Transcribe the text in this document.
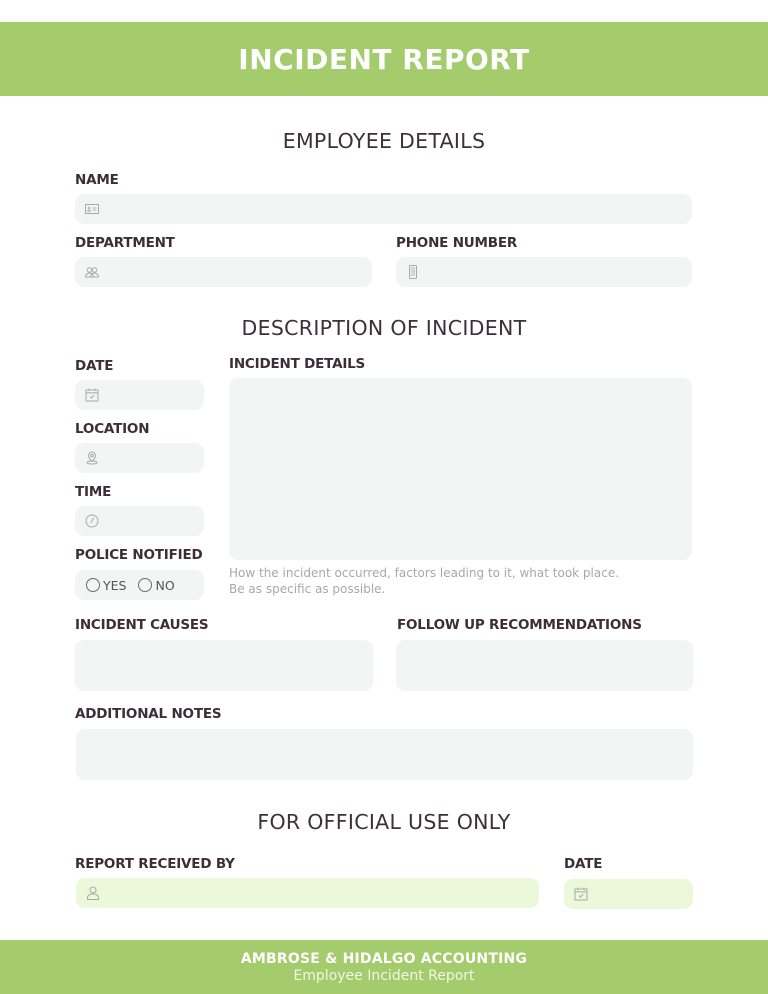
INCIDENT REPORT
EMPLOYEE DETAILS
NAME
DEPARTMENT	PHONE NUMBER
DESCRIPTION OF INCIDENT
DATE
LOCATION
TIME
POLICE NOTIFIED
YES NO
INCIDENT DETAILS
How the incident occurred, factors leading to it, what took place.
Be as specific as possible.
INCIDENT CAUSES	FOLLOW UP RECOMMENDATIONS
ADDITIONAL NOTES
FOR OFFICIAL USE ONLY
REPORT RECEIVED BY	DATE
AMBROSE & HIDALGO ACCOUNTING
Employee Incident Report
